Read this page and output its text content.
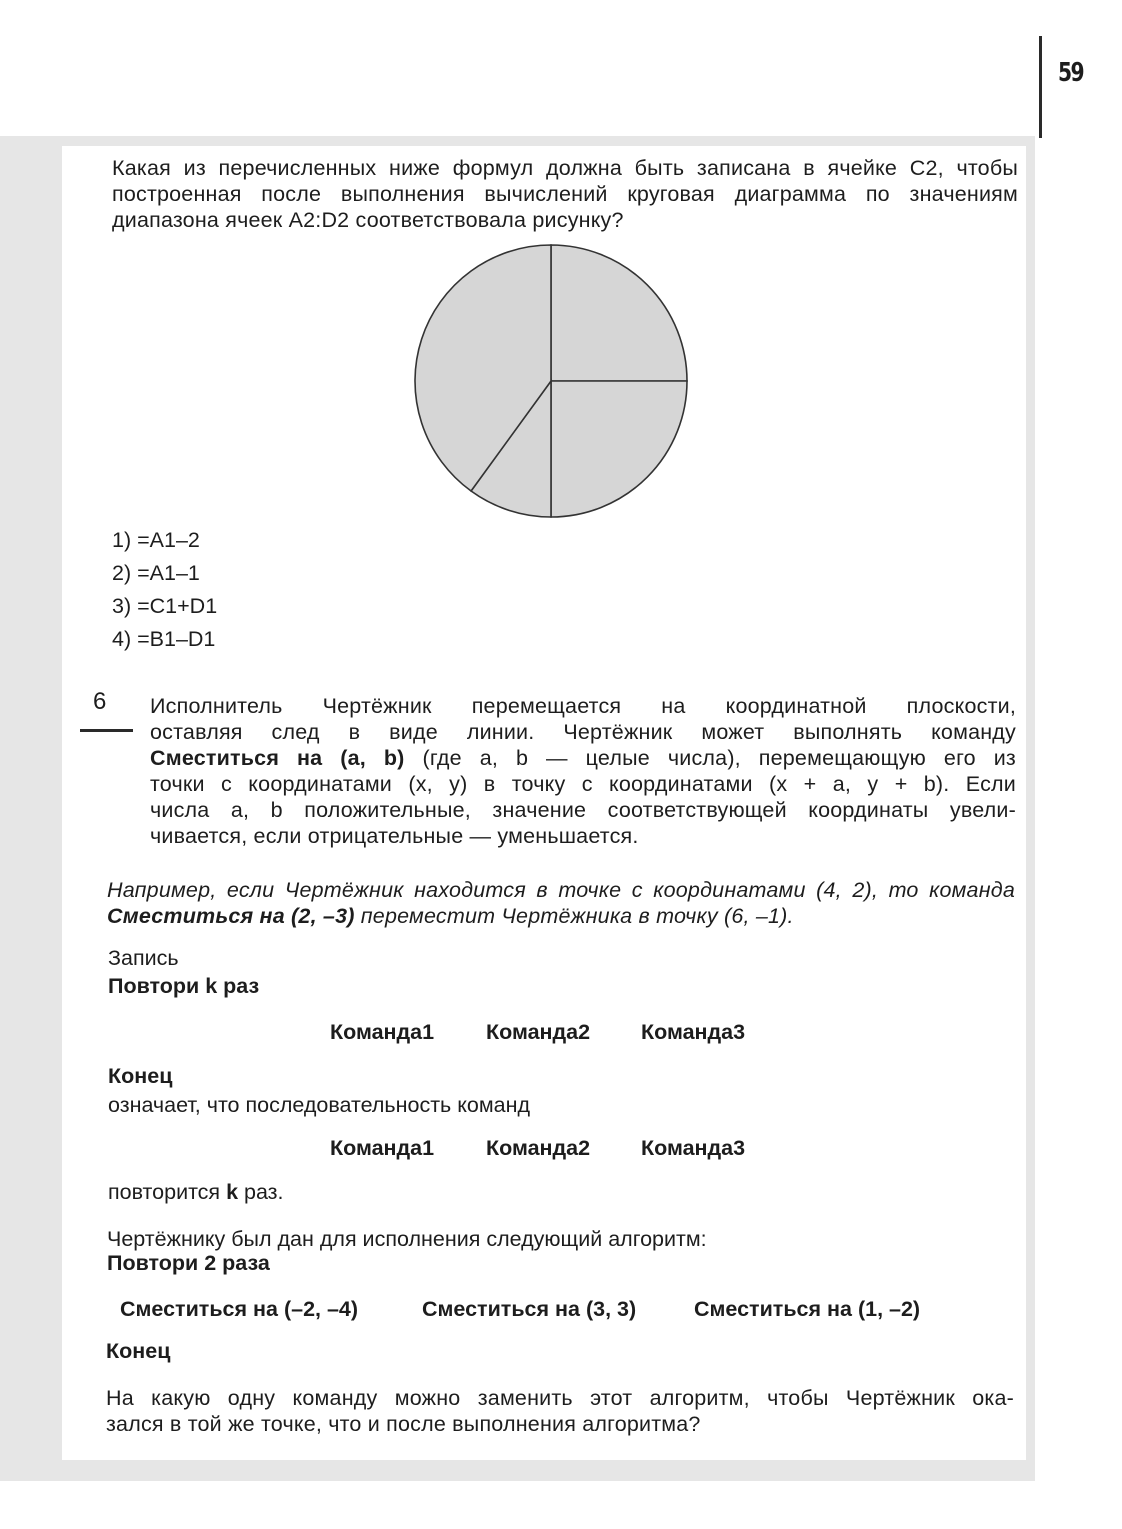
59
Какая из перечисленных ниже формул должна быть записана в ячейке C2, чтобы
построенная после выполнения вычислений круговая диаграмма по значениям
диапазона ячеек A2:D2 соответствовала рисунку?
1) =A1–2
2) =A1–1
3) =C1+D1
4) =B1–D1
6 Исполнитель Чертёжник перемещается на координатной плоскости,
оставляя след в виде линии. Чертёжник может выполнять команду
Сместиться на (a, b) (где a, b — целые числа), перемещающую его из
точки с координатами (x, y) в точку с координатами (x + a, y + b). Если
числа a, b положительные, значение соответствующей координаты увели-
чивается, если отрицательные — уменьшается.
Например, если Чертёжник находится в точке с координатами (4, 2), то команда
Сместиться на (2, –3) переместит Чертёжника в точку (6, –1).
Запись
Повтори k раз
Команда1 Команда2 Команда3
Конец
означает, что последовательность команд
Команда1 Команда2 Команда3
повторится k раз.
Чертёжнику был дан для исполнения следующий алгоритм:
Повтори 2 раза
Сместиться на (–2, –4)	Сместиться на (3, 3)	Сместиться на (1, –2)
Конец
На какую одну команду можно заменить этот алгоритм, чтобы Чертёжник ока-
зался в той же точке, что и после выполнения алгоритма?
